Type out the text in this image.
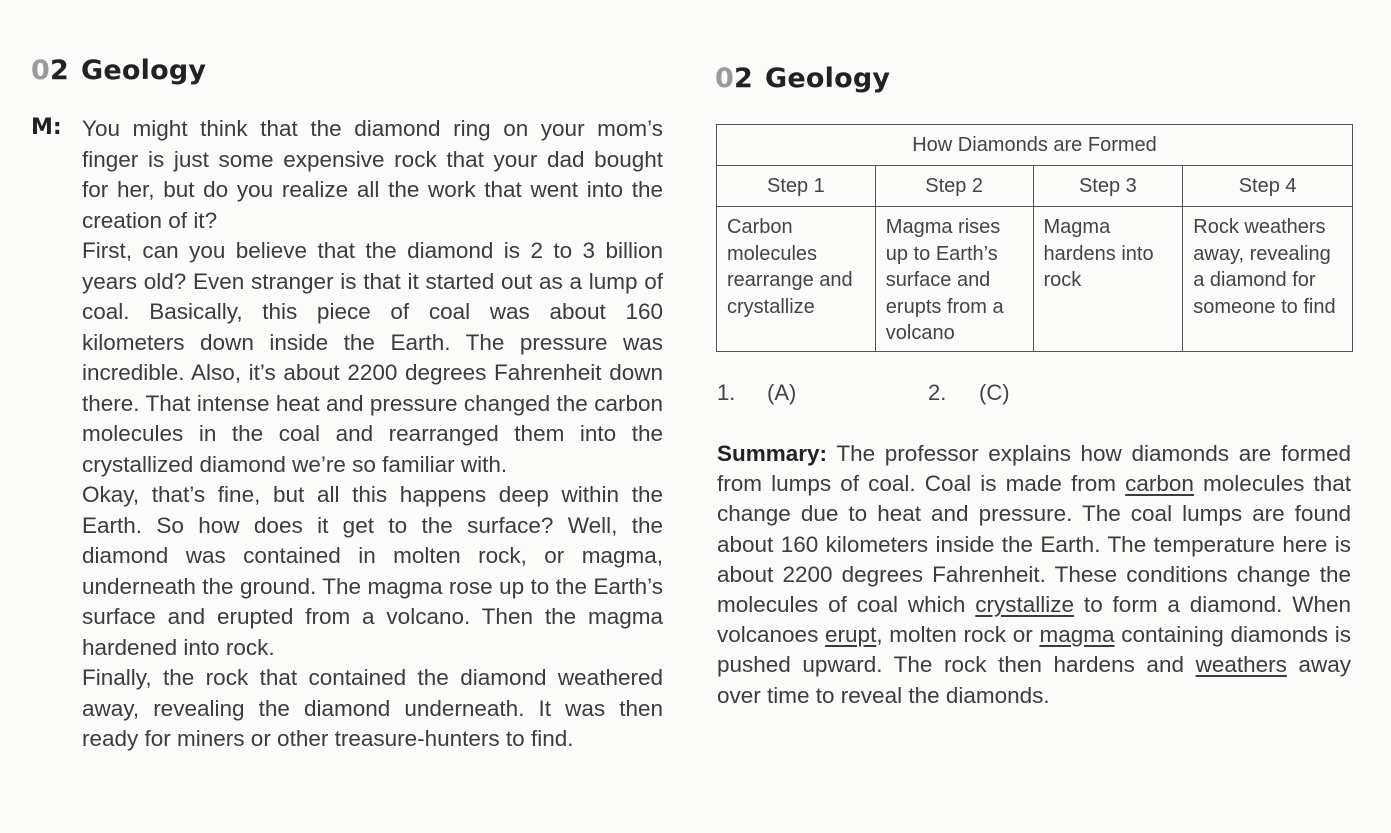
02 Geology
M: You might think that the diamond ring on your mom’s finger is just some expensive rock that your dad bought for her, but do you realize all the work that went into the creation of it?

First, can you believe that the diamond is 2 to 3 billion years old? Even stranger is that it started out as a lump of coal. Basically, this piece of coal was about 160 kilometers down inside the Earth. The pressure was incredible. Also, it’s about 2200 degrees Fahrenheit down there. That intense heat and pressure changed the carbon molecules in the coal and rearranged them into the crystallized diamond we’re so familiar with.

Okay, that’s fine, but all this happens deep within the Earth. So how does it get to the surface? Well, the diamond was contained in molten rock, or magma, underneath the ground. The magma rose up to the Earth’s surface and erupted from a volcano. Then the magma hardened into rock.

Finally, the rock that contained the diamond weathered away, revealing the diamond underneath. It was then ready for miners or other treasure-hunters to find.

02 Geology
How Diamonds are Formed			
Step 1	Step 2	Step 3	Step 4
Carbon molecules rearrange and crystallize	Magma rises up to Earth’s surface and erupts from a volcano	Magma hardens into rock	Rock weathers away, revealing a diamond for someone to find
1. (A)	2. (C)

Summary: The professor explains how diamonds are formed from lumps of coal. Coal is made from carbon molecules that change due to heat and pressure. The coal lumps are found about 160 kilometers inside the Earth. The temperature here is about 2200 degrees Fahrenheit. These conditions change the molecules of coal which crystallize to form a diamond. When volcanoes erupt, molten rock or magma containing diamonds is pushed upward. The rock then hardens and weathers away over time to reveal the diamonds.
